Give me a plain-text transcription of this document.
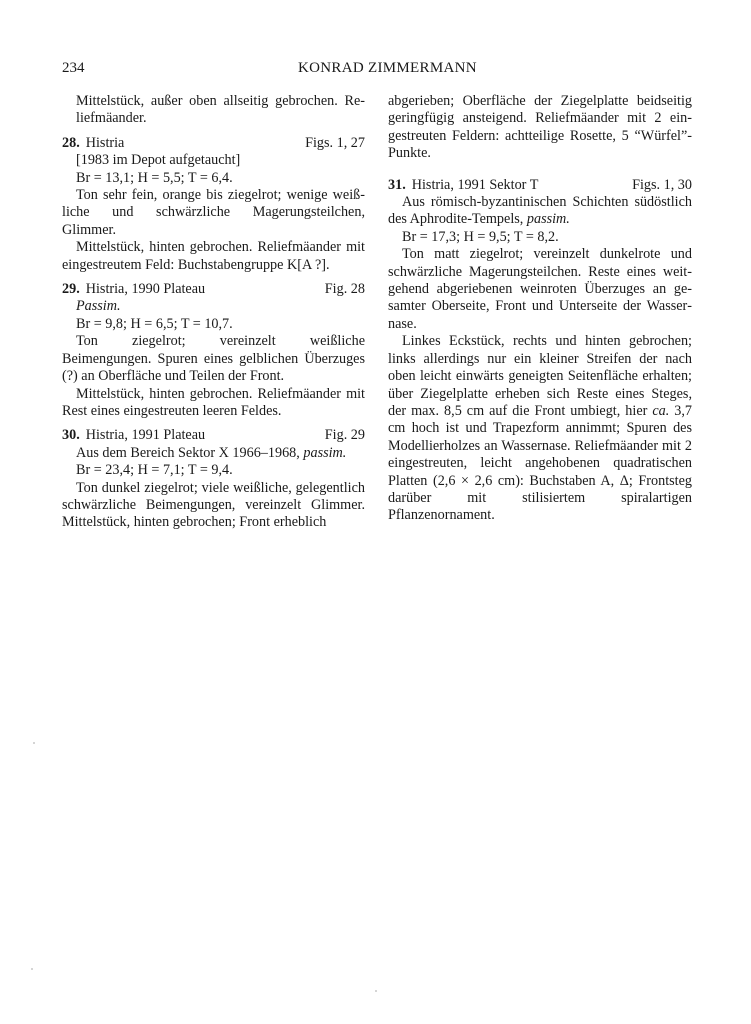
234	KONRAD ZIMMERMANN

Mittelstück, außer oben allseitig gebrochen. Reliefmäander.

28. Histria	Figs. 1, 27

[1983 im Depot aufgetaucht]

Br = 13,1; H = 5,5; T = 6,4.

Ton sehr fein, orange bis ziegelrot; wenige weißliche und schwärzliche Magerungsteilchen, Glimmer.

Mittelstück, hinten gebrochen. Reliefmäander mit eingestreutem Feld: Buchstabengruppe K[A ?].

29. Histria, 1990 Plateau	Fig. 28

Passim.

Br = 9,8; H = 6,5; T = 10,7.

Ton ziegelrot; vereinzelt weißliche Beimengungen. Spuren eines gelblichen Überzuges (?) an Oberfläche und Teilen der Front.

Mittelstück, hinten gebrochen. Reliefmäander mit Rest eines eingestreuten leeren Feldes.

30. Histria, 1991 Plateau	Fig. 29

Aus dem Bereich Sektor X 1966–1968, passim.

Br = 23,4; H = 7,1; T = 9,4.

Ton dunkel ziegelrot; viele weißliche, gelegentlich schwärzliche Beimengungen, vereinzelt Glimmer. Mittelstück, hinten gebrochen; Front erheblich

abgerieben; Oberfläche der Ziegelplatte beidseitig geringfügig ansteigend. Reliefmäander mit 2 eingestreuten Feldern: achtteilige Rosette, 5 “Würfel”-Punkte.

31. Histria, 1991 Sektor T	Figs. 1, 30

Aus römisch-byzantinischen Schichten südöstlich des Aphrodite-Tempels, passim.

Br = 17,3; H = 9,5; T = 8,2.

Ton matt ziegelrot; vereinzelt dunkelrote und schwärzliche Magerungsteilchen. Reste eines weitgehend abgeriebenen weinroten Überzuges an gesamter Oberseite, Front und Unterseite der Wassernase.

Linkes Eckstück, rechts und hinten gebrochen; links allerdings nur ein kleiner Streifen der nach oben leicht einwärts geneigten Seitenfläche erhalten; über Ziegelplatte erheben sich Reste eines Steges, der max. 8,5 cm auf die Front umbiegt, hier ca. 3,7 cm hoch ist und Trapezform annimmt; Spuren des Modellierholzes an Wassernase. Reliefmäander mit 2 eingestreuten, leicht angehobenen quadratischen Platten (2,6 × 2,6 cm): Buchstaben A, Δ; Frontsteg darüber mit stilisiertem spiralartigen Pflanzenornament.
